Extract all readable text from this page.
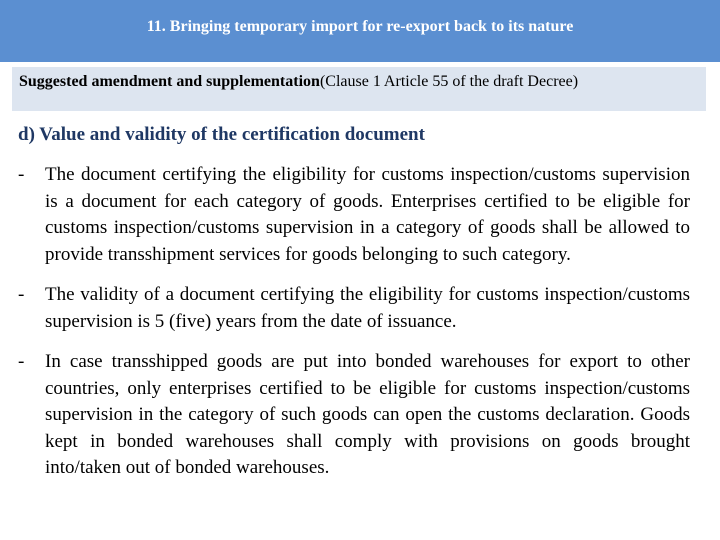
11. Bringing temporary import for re-export back to its nature
Suggested amendment and supplementation(Clause 1 Article 55 of the draft Decree)
d) Value and validity of the certification document
- The document certifying the eligibility for customs inspection/customs supervision is a document for each category of goods. Enterprises certified to be eligible for customs inspection/customs supervision in a category of goods shall be allowed to provide transshipment services for goods belonging to such category.
- The validity of a document certifying the eligibility for customs inspection/customs supervision is 5 (five) years from the date of issuance.
- In case transshipped goods are put into bonded warehouses for export to other countries, only enterprises certified to be eligible for customs inspection/customs supervision in the category of such goods can open the customs declaration. Goods kept in bonded warehouses shall comply with provisions on goods brought into/taken out of bonded warehouses.
